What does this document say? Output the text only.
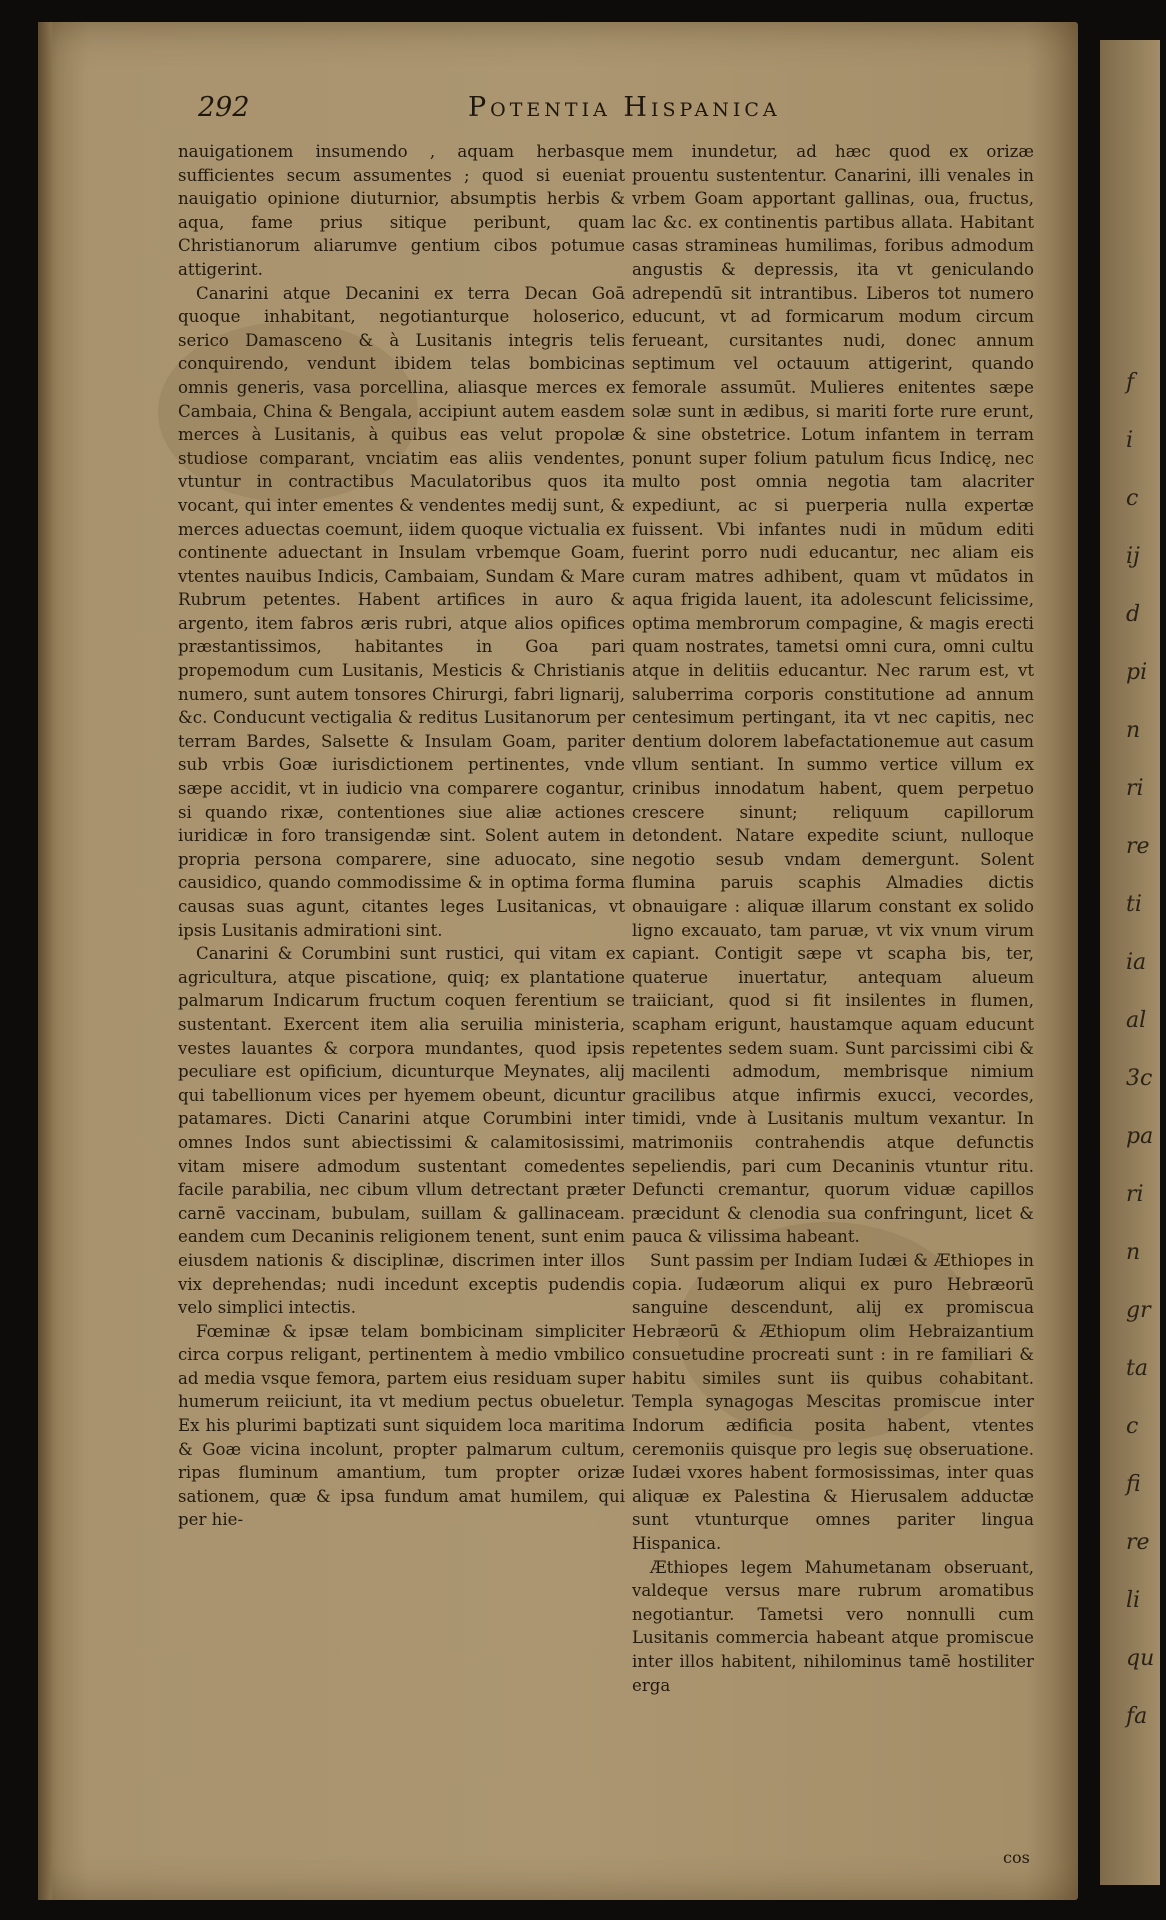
f
i
c
ij
d
pi
n
ri
re
ti
ia
al
3c
pa
ri
n
gr
ta
c
fi
re
li
qu
fa
292	Potentia Hispanica

nauigationem insumendo , aquam herbasque sufficientes secum assumentes ; quod si eueniat nauigatio opinione diuturnior, absumptis herbis & aqua, fame prius sitique peribunt, quam Christianorum aliarumve gentium cibos potumue attigerint.

Canarini atque Decanini ex terra Decan Goā quoque inhabitant, negotianturque holoserico, serico Damasceno & à Lusitanis integris telis conquirendo, vendunt ibidem telas bombicinas omnis generis, vasa porcellina, aliasque merces ex Cambaia, China & Bengala, accipiunt autem easdem merces à Lusitanis, à quibus eas velut propolæ studiose comparant, vnciatim eas aliis vendentes, vtuntur in contractibus Maculatoribus quos ita vocant, qui inter ementes & vendentes medij sunt, & merces aduectas coemunt, iidem quoque victualia ex continente aduectant in Insulam vrbemque Goam, vtentes nauibus Indicis, Cambaiam, Sundam & Mare Rubrum petentes. Habent artifices in auro & argento, item fabros æris rubri, atque alios opifices præstantissimos, habitantes in Goa pari propemodum cum Lusitanis, Mesticis & Christianis numero, sunt autem tonsores Chirurgi, fabri lignarij, &c. Conducunt vectigalia & reditus Lusitanorum per terram Bardes, Salsette & Insulam Goam, pariter sub vrbis Goæ iurisdictionem pertinentes, vnde sæpe accidit, vt in iudicio vna comparere cogantur, si quando rixæ, contentiones siue aliæ actiones iuridicæ in foro transigendæ sint. Solent autem in propria persona comparere, sine aduocato, sine causidico, quando commodissime & in optima forma causas suas agunt, citantes leges Lusitanicas, vt ipsis Lusitanis admirationi sint.

Canarini & Corumbini sunt rustici, qui vitam ex agricultura, atque piscatione, quiq; ex plantatione palmarum Indicarum fructum coquen ferentium se sustentant. Exercent item alia seruilia ministeria, vestes lauantes & corpora mundantes, quod ipsis peculiare est opificium, dicunturque Meynates, alij qui tabellionum vices per hyemem obeunt, dicuntur patamares. Dicti Canarini atque Corumbini inter omnes Indos sunt abiectissimi & calamitosissimi, vitam misere admodum sustentant comedentes facile parabilia, nec cibum vllum detrectant præter carnē vaccinam, bubulam, suillam & gallinaceam. eandem cum Decaninis religionem tenent, sunt enim eiusdem nationis & disciplinæ, discrimen inter illos vix deprehendas; nudi incedunt exceptis pudendis velo simplici intectis.

Fœminæ & ipsæ telam bombicinam simpliciter circa corpus religant, pertinentem à medio vmbilico ad media vsque femora, partem eius residuam super humerum reiiciunt, ita vt medium pectus obueletur. Ex his plurimi baptizati sunt siquidem loca maritima & Goæ vicina incolunt, propter palmarum cultum, ripas fluminum amantium, tum propter orizæ sationem, quæ & ipsa fundum amat humilem, qui per hie-

mem inundetur, ad hæc quod ex orizæ prouentu sustententur. Canarini, illi venales in vrbem Goam apportant gallinas, oua, fructus, lac &c. ex continentis partibus allata. Habitant casas stramineas humilimas, foribus admodum angustis & depressis, ita vt geniculando adrependū sit intrantibus. Liberos tot numero educunt, vt ad formicarum modum circum ferueant, cursitantes nudi, donec annum septimum vel octauum attigerint, quando femorale assumūt. Mulieres enitentes sæpe solæ sunt in ædibus, si mariti forte rure erunt, & sine obstetrice. Lotum infantem in terram ponunt super folium patulum ficus Indicę, nec multo post omnia negotia tam alacriter expediunt, ac si puerperia nulla expertæ fuissent. Vbi infantes nudi in mūdum editi fuerint porro nudi educantur, nec aliam eis curam matres adhibent, quam vt mūdatos in aqua frigida lauent, ita adolescunt felicissime, optima membrorum compagine, & magis erecti quam nostrates, tametsi omni cura, omni cultu atque in delitiis educantur. Nec rarum est, vt saluberrima corporis constitutione ad annum centesimum pertingant, ita vt nec capitis, nec dentium dolorem labefactationemue aut casum vllum sentiant. In summo vertice villum ex crinibus innodatum habent, quem perpetuo crescere sinunt; reliquum capillorum detondent. Natare expedite sciunt, nulloque negotio sesub vndam demergunt. Solent flumina paruis scaphis Almadies dictis obnauigare : aliquæ illarum constant ex solido ligno excauato, tam paruæ, vt vix vnum virum capiant. Contigit sæpe vt scapha bis, ter, quaterue inuertatur, antequam alueum traiiciant, quod si fit insilentes in flumen, scapham erigunt, haustamque aquam educunt repetentes sedem suam. Sunt parcissimi cibi & macilenti admodum, membrisque nimium gracilibus atque infirmis exucci, vecordes, timidi, vnde à Lusitanis multum vexantur. In matrimoniis contrahendis atque defunctis sepeliendis, pari cum Decaninis vtuntur ritu. Defuncti cremantur, quorum viduæ capillos præcidunt & clenodia sua confringunt, licet & pauca & vilissima habeant.

Sunt passim per Indiam Iudæi & Æthiopes in copia. Iudæorum aliqui ex puro Hebræorū sanguine descendunt, alij ex promiscua Hebræorū & Æthiopum olim Hebraizantium consuetudine procreati sunt : in re familiari & habitu similes sunt iis quibus cohabitant. Templa synagogas Mescitas promiscue inter Indorum ædificia posita habent, vtentes ceremoniis quisque pro legis suę obseruatione. Iudæi vxores habent formosissimas, inter quas aliquæ ex Palestina & Hierusalem adductæ sunt vtunturque omnes pariter lingua Hispanica.

Æthiopes legem Mahumetanam obseruant, valdeque versus mare rubrum aromatibus negotiantur. Tametsi vero nonnulli cum Lusitanis commercia habeant atque promiscue inter illos habitent, nihilominus tamē hostiliter erga

cos
